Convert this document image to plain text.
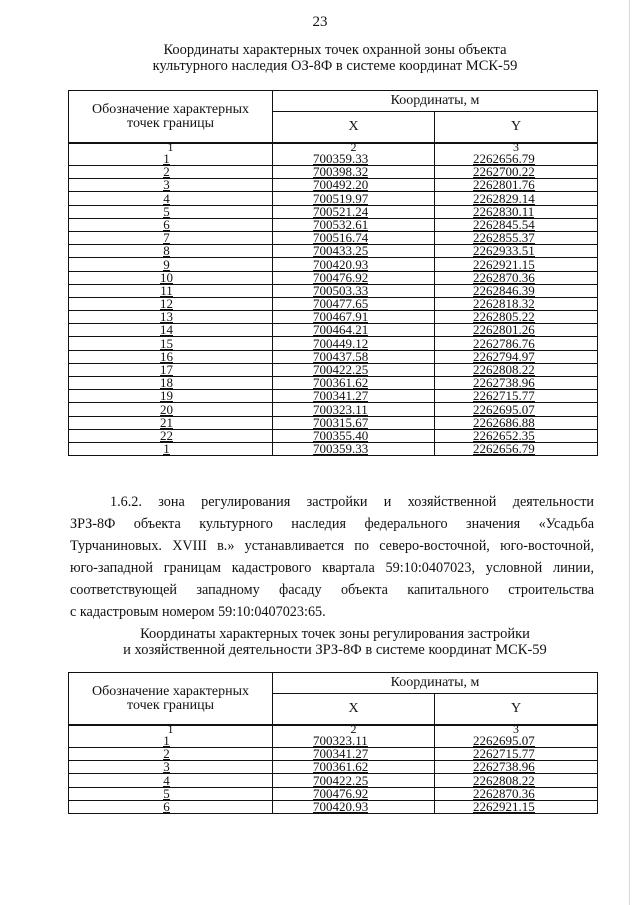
23
Координаты характерных точек охранной зоны объекта
культурного наследия ОЗ-8Ф в системе координат МСК-59
Обозначение характерных
точек границы	Координаты, м	
	X	Y
1	2	3
1	700359.33	2262656.79
2	700398.32	2262700.22
3	700492.20	2262801.76
4	700519.97	2262829.14
5	700521.24	2262830.11
6	700532.61	2262845.54
7	700516.74	2262855.37
8	700433.25	2262933.51
9	700420.93	2262921.15
10	700476.92	2262870.36
11	700503.33	2262846.39
12	700477.65	2262818.32
13	700467.91	2262805.22
14	700464.21	2262801.26
15	700449.12	2262786.76
16	700437.58	2262794.97
17	700422.25	2262808.22
18	700361.62	2262738.96
19	700341.27	2262715.77
20	700323.11	2262695.07
21	700315.67	2262686.88
22	700355.40	2262652.35
1	700359.33	2262656.79
1.6.2. зона регулирования застройки и хозяйственной деятельности
ЗРЗ-8Ф объекта культурного наследия федерального значения «Усадьба
Турчаниновых. XVIII в.» устанавливается по северо-восточной, юго-восточной,
юго-западной границам кадастрового квартала 59:10:0407023, условной линии,
соответствующей западному фасаду объекта капитального строительства
с кадастровым номером 59:10:0407023:65.
Координаты характерных точек зоны регулирования застройки
и хозяйственной деятельности ЗРЗ-8Ф в системе координат МСК-59
Обозначение характерных
точек границы	Координаты, м	
	X	Y
1	2	3
1	700323.11	2262695.07
2	700341.27	2262715.77
3	700361.62	2262738.96
4	700422.25	2262808.22
5	700476.92	2262870.36
6	700420.93	2262921.15
